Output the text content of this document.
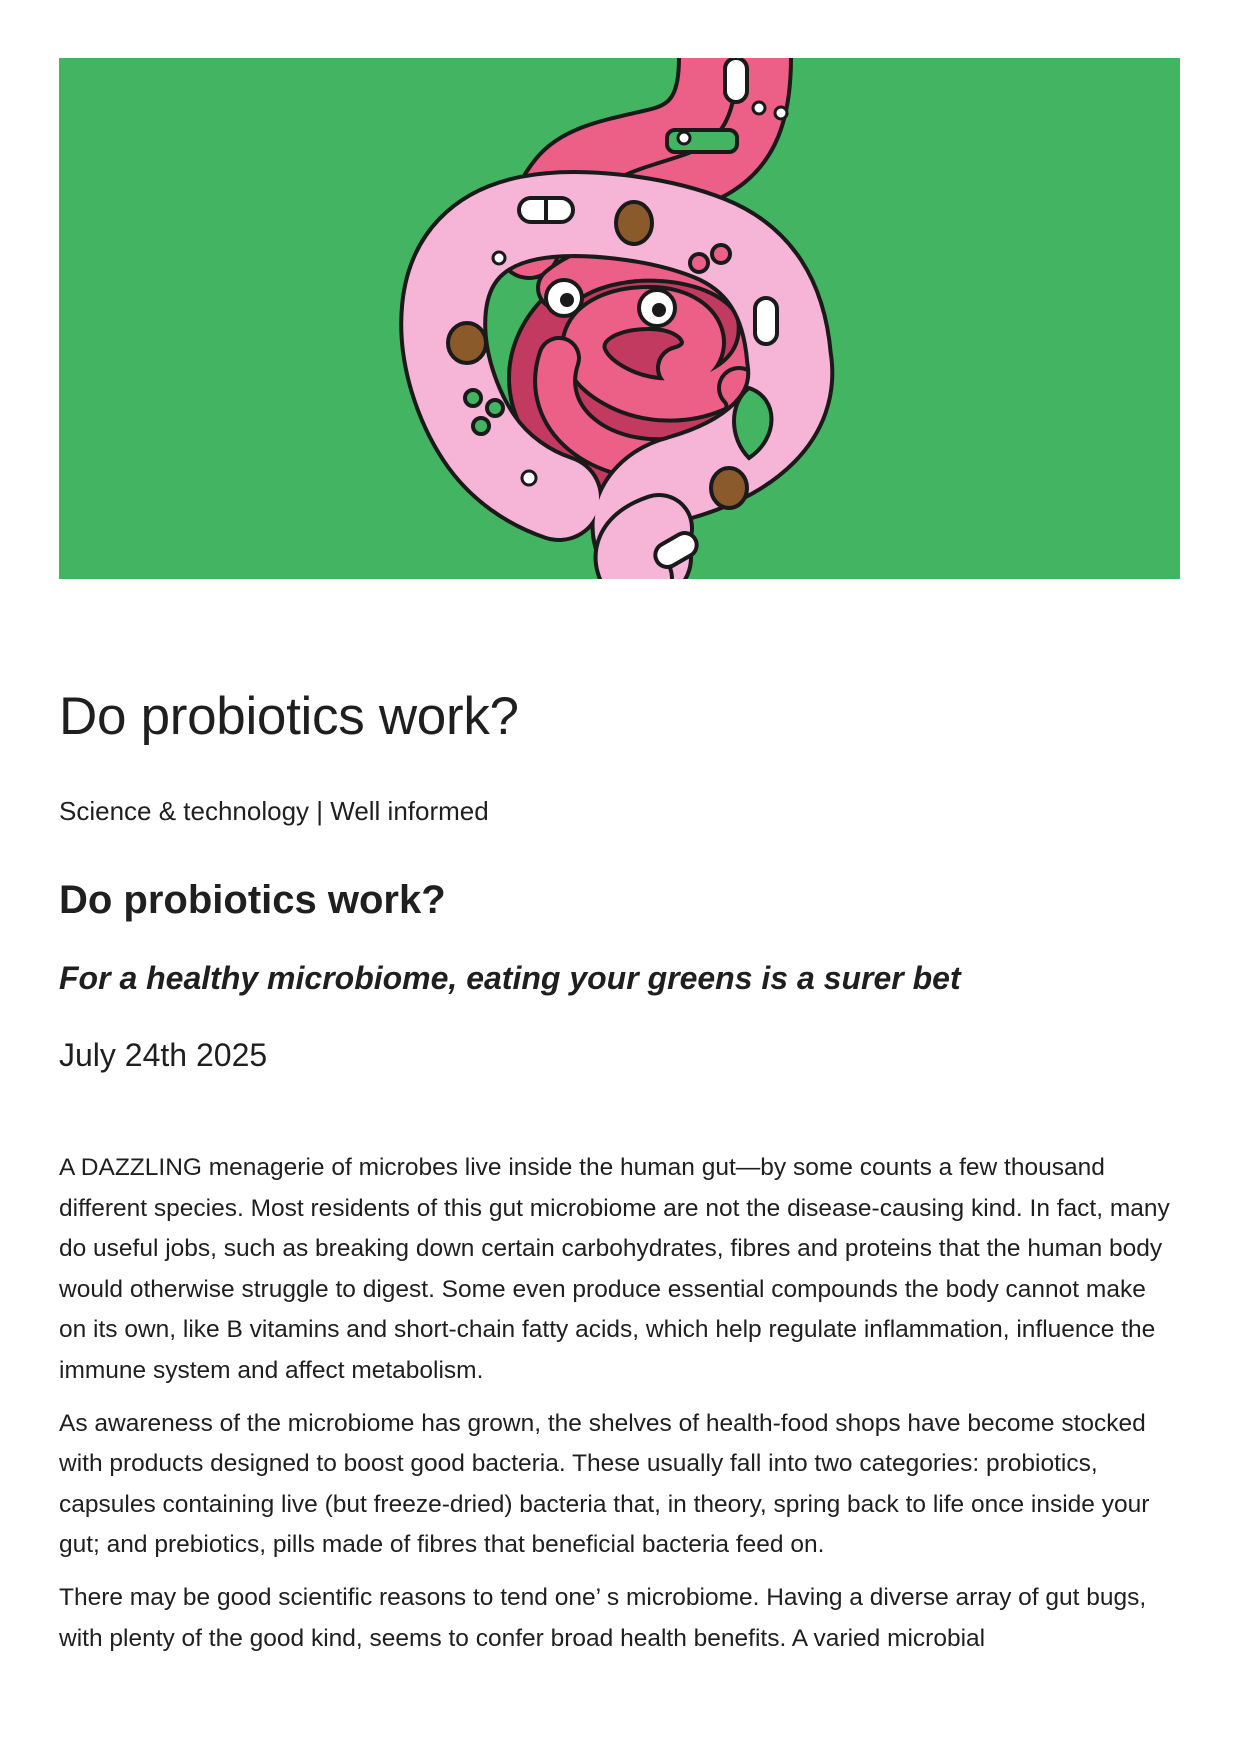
Do probiotics work?
Science & technology | Well informed
Do probiotics work?
For a healthy microbiome, eating your greens is a surer bet
July 24th 2025

A DAZZLING menagerie of microbes live inside the human gut—by some counts a few thousand different species. Most residents of this gut microbiome are not the disease-causing kind. In fact, many do useful jobs, such as breaking down certain carbohydrates, fibres and proteins that the human body would otherwise struggle to digest. Some even produce essential compounds the body cannot make on its own, like B vitamins and short-chain fatty acids, which help regulate inflammation, influence the immune system and affect metabolism.

As awareness of the microbiome has grown, the shelves of health-food shops have become stocked with products designed to boost good bacteria. These usually fall into two categories: probiotics, capsules containing live (but freeze-dried) bacteria that, in theory, spring back to life once inside your gut; and prebiotics, pills made of fibres that beneficial bacteria feed on.

There may be good scientific reasons to tend one’ s microbiome. Having a diverse array of gut bugs, with plenty of the good kind, seems to confer broad health benefits. A varied microbial
